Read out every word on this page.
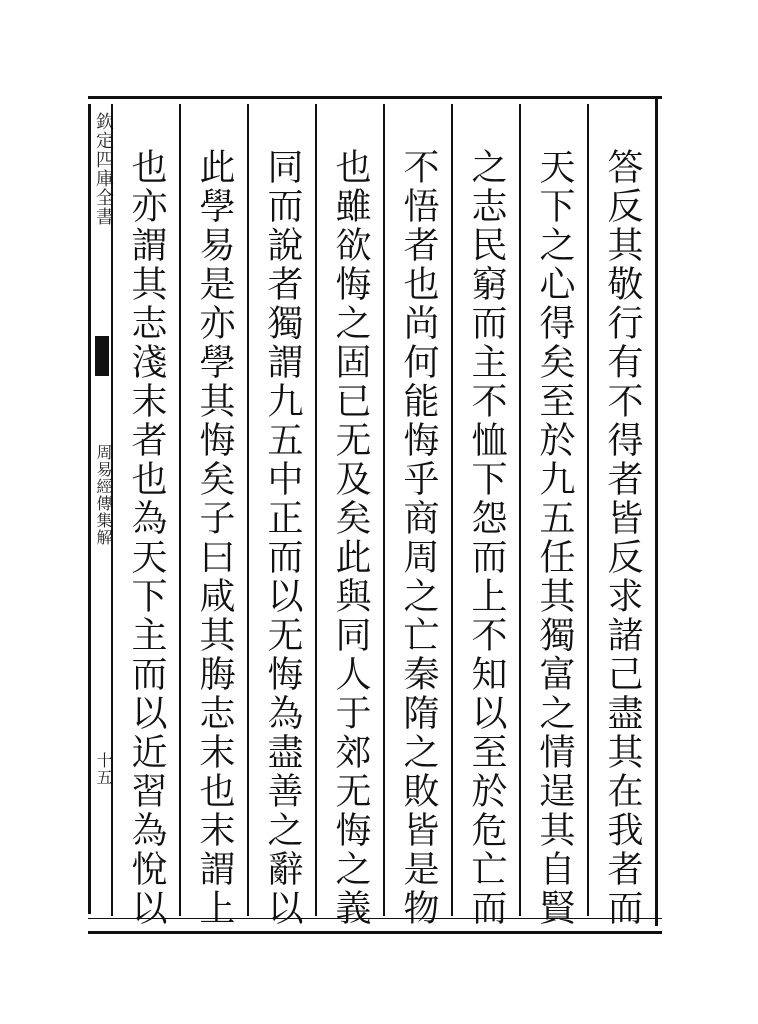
欽定四庫全書
周易經傳集解
十五	答反其敬行有不得者皆反求諸己盡其在我者而
天下之心得矣至於九五任其獨富之情逞其自賢
之志民窮而主不恤下怨而上不知以至於危亡而
不悟者也尚何能悔乎商周之亡秦隋之敗皆是物
也雖欲悔之固已无及矣此與同人于郊无悔之義
同而說者獨謂九五中正而以无悔為盡善之辭以
此學易是亦學其悔矣子曰咸其脢志末也末謂上
也亦謂其志淺末者也為天下主而以近習為悅以
